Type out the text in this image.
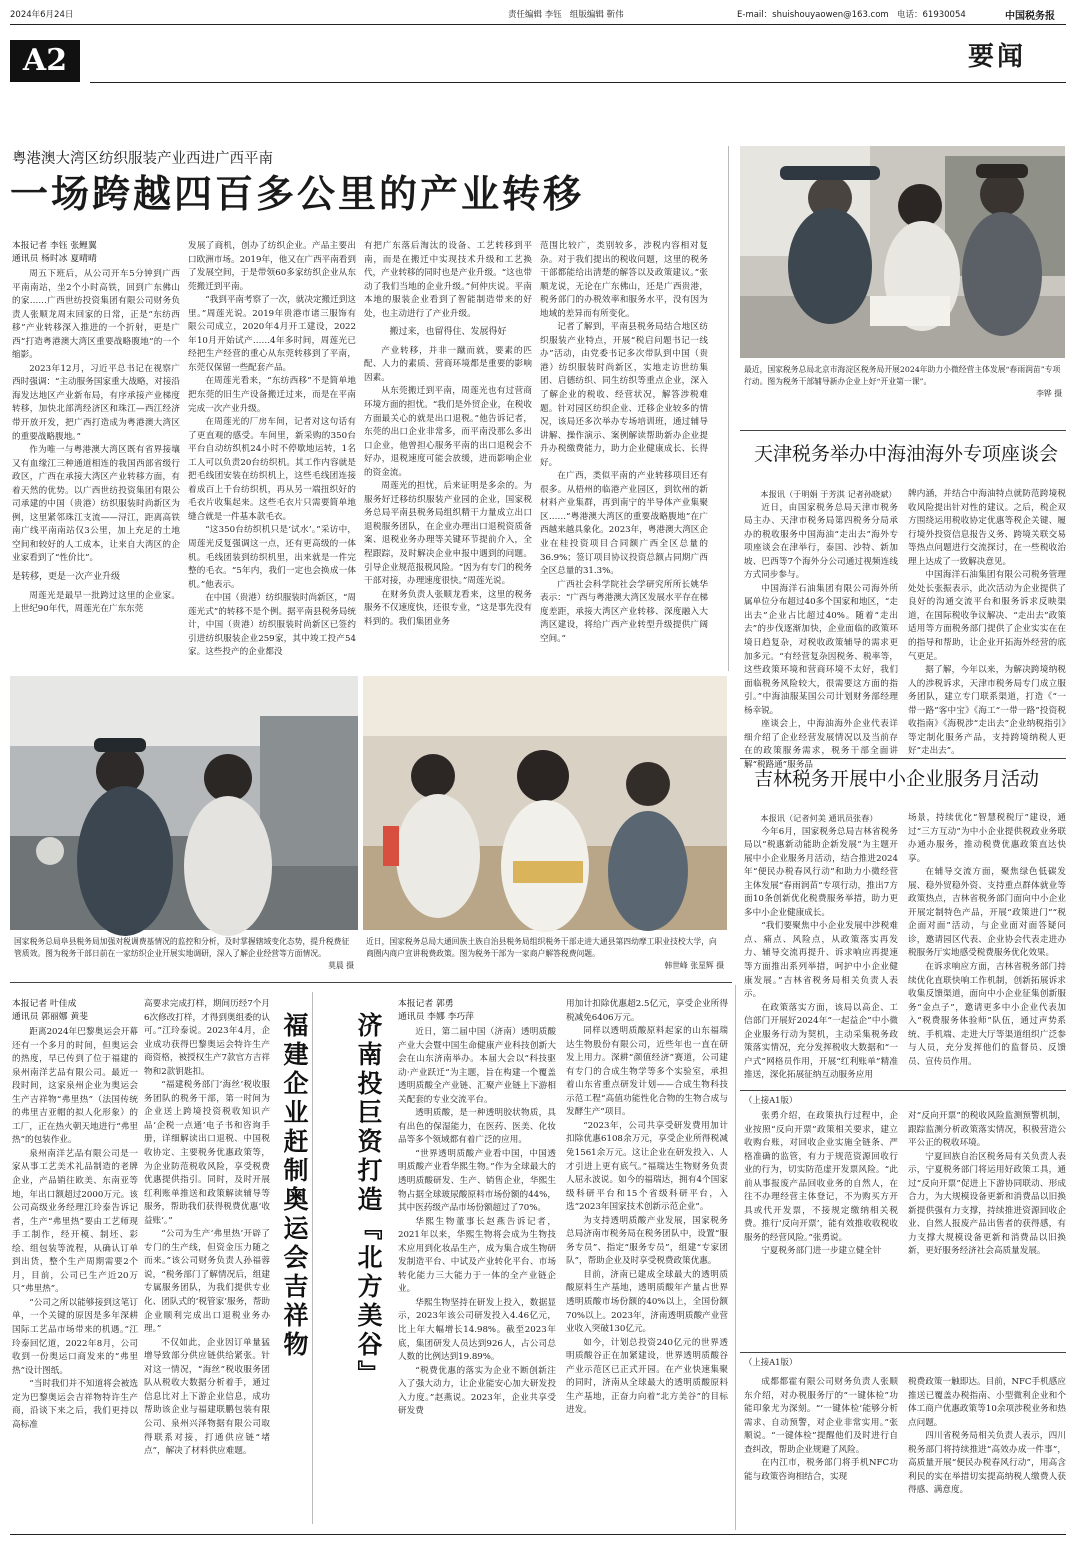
2024年6月24日	责任编辑 李钰 组版编辑 靳伟	E-mail：shuishouyaowen@163.com 电话：61930054	中国税务报
A2	要闻
粤港澳大湾区纺织服装产业西进广西平南
一场跨越四百多公里的产业转移
本报记者 李钰 张鲤翼
通讯员 杨时冰 夏晴晴

周五下班后，从公司开车5分钟到广西平南南站，坐2个小时高铁，回到广东佛山的家……广西世纺投资集团有限公司财务负责人张顺龙周末回家的日常，正是“东纺西移”产业转移深入推进的一个折射，更是广西“打造粤港澳大湾区重要战略腹地”的一个缩影。

2023年12月，习近平总书记在视察广西时强调：“主动服务国家重大战略，对接沿海发达地区产业新布局，有序承接产业梯度转移，加快北部湾经济区和珠江—西江经济带开放开发，把广西打造成为粤港澳大湾区的重要战略腹地。”

作为唯一与粤港澳大湾区既有省界接壤又有血缘江三种通道相连的我国西部省级行政区，广西在承接大湾区产业转移方面，有着天然的优势。以广西世纺投资集团有限公司承建的中国（贵港）纺织服装时尚新区为例，这里紧邻珠江支流——浔江，距离高铁南广线平南南站仅3公里，加上充足的土地空间和较好的人工成本，让来自大湾区的企业家看到了“性价比”。

是转移，更是一次产业升级

周莲光是最早一批跨过这里的企业家。上世纪90年代，周莲光在广东东莞

发展了商机，创办了纺织企业。产品主要出口欧洲市场。2019年，他又在广西平南看到了发展空间，于是带领60多家纺织企业从东莞搬迁到平南。

“我到平南考察了一次，就决定搬迁到这里。”周莲光说。2019年贵港市诸三服饰有限公司成立，2020年4月开工建设，2022年10月开始试产……4年多时间，周莲光已经把生产经营的重心从东莞转移到了平南，东莞仅保留一些配套产品。

在周莲光看来，“东纺西移”不是简单地把东莞的旧生产设备搬迁过来，而是在平南完成一次产业升级。

在周莲光的厂房车间，记者对这句话有了更直观的感受。车间里，新采购的350台平台自动纺织机24小时不停歇地运转，1名工人可以负责20台纺织机。其工作内容就是把毛线团安装在纺织机上，这些毛线团连接着成百上千台纺织机，再从另一端扭织好的毛衣片收集起来。这些毛衣片只需要简单地缝合就是一件基本款毛衣。

“这350台纺织机只是‘试水’。”采访中，周莲光反复强调这一点，还有更高级的一体机。毛线团装到纺织机里，出来就是一件完整的毛衣。“5年内，我们一定也会换成一体机。”他表示。

在中国（贵港）纺织服装时尚新区，“周莲光式”的转移不是个例。据平南县税务局统计，中国（贵港）纺织服装时尚新区已签约引进纺织服装企业259家，其中竣工投产54家。这些投产的企业都没

有把广东落后淘汰的设备、工艺转移到平南，而是在搬迁中实现技术升级和工艺换代，产业转移的同时也是产业升级。“这也带动了我们当地的企业升级。”何仲庆说。平南本地的服装企业看到了智能制造带来的好处，也主动进行了产业升级。

搬过来，也留得住、发展得好

产业转移，并非一蹴而就，要素的匹配、人力的素质、营商环境都是重要的影响因素。

从东莞搬迁到平南，周莲光也有过营商环境方面的担忧。“我们是外贸企业，在税收方面最关心的就是出口退税。”他告诉记者，东莞的出口企业非常多，而平南没那么多出口企业，他曾担心服务平南的出口退税会不好办，退税速度可能会放缓，进而影响企业的资金流。

周莲光的担忧，后来证明是多余的。为服务好迁移纺织服装产业园的企业，国家税务总局平南县税务局组织精干力量成立出口退税服务团队，在企业办理出口退税资质备案、退税业务办理等关键环节提前介入，全程跟踪，及时解决企业申报中遇到的问题。引导企业规范报税风险。“因为有专门的税务干部对接，办理速度很快。”周莲光说。

在财务负责人张顺龙看来，这里的税务服务不仅速度快，还很专业，“这是事先没有料到的。我们集团业务

范围比较广，类别较多，涉税内容相对复杂。对于我们提出的税收问题，这里的税务干部都能给出清楚的解答以及政策建议。”张顺龙说，无论在广东佛山，还是广西贵港，税务部门的办税效率和服务水平，没有因为地域的差异而有所变化。

记者了解到，平南县税务局结合地区纺织服装产业特点，开展“税启问题书记一线办”活动，由党委书记多次带队到中国（贵港）纺织服装时尚新区，实地走访世纺集团、启德纺织、同生纺织等重点企业，深入了解企业的税收、经营状况，解答涉税难题。针对园区纺织企业、迁移企业较多的情况，该局还多次举办专场培训班，通过辅导讲解、操作演示、案例解读帮助新办企业提升办税缴费能力，助力企业健康成长、长得好。

在广西，类似平南的产业转移项目还有很多。从梧州的临港产业园区，到钦州的新材料产业集群，再到南宁的半导体产业集聚区……“粤港澳大湾区的重要战略腹地”在广西越来越具象化。2023年，粤港澳大湾区企业在桂投资项目合同额广西全区总量的36.9%；签订项目协议投资总额占同期广西全区总量的31.3%。

广西社会科学院社会学研究所所长姚华表示：“广西与粤港澳大湾区发展水平存在梯度差距，承接大湾区产业转移、深度融入大湾区建设，将给广西产业转型升级提供广阔空间。”

最近，国家税务总局北京市海淀区税务局开展2024年助力小微经营主体发展“春雨润苗”专项行动。图为税务干部辅导新办企业上好“开业第一课”。
李铧 摄
天津税务举办中海油海外专项座谈会

本报讯（于明娟 于芳淇 记者孙晓斌）

近日，由国家税务总局天津市税务局主办、天津市税务局第四税务分局承办的税收服务中国海油“走出去”海外专项座谈会在津举行，泰国、沙特、新加坡、巴西等7个海外分公司通过视频连线方式同步参与。

中国海洋石油集团有限公司海外所属单位分布超过40多个国家和地区，“走出去”企业占比超过40%。随着“走出去”的步伐逐渐加快，企业面临的政策环境日趋复杂，对税收政策辅导的需求更加多元。“有经营复杂因税务、税率等，这些政策环境和营商环境不太好，我们面临税务风险较大，很需要这方面的指引。”中海油服某国公司计划财务部经理杨幸锐。

座谈会上，中海油海外企业代表详细介绍了企业经营发展情况以及当前存在的政策服务需求，税务干部全面讲解“税路通”服务品

牌内涵，并结合中海油特点就防范跨境税收风险提出针对性的建议。之后，税企双方围绕运用税收协定优惠等税企关键、履行境外投资信息报告义务、跨境关联交易等热点问题进行交流探讨，在一些税收治理上达成了一致解决意见。

中国海洋石油集团有限公司税务管理处处长张振表示，此次活动为企业提供了良好的沟通交流平台和服务诉求反映渠道，在国际税收争议解决、“走出去”政策适用等方面税务部门提供了企业实实在在的指导和帮助，让企业开拓海外经营的底气更足。

据了解，今年以来，为解决跨境纳税人的涉税诉求，天津市税务局专门成立服务团队，建立专门联系渠道，打造《“一带一路”客中宝》《海工“一带一路”投资税收指南》《海税涉“走出去”企业纳税指引》等定制化服务产品，支持跨境纳税人更好“走出去”。

国家税务总局阜县税务局加强对税调费基情况的监控和分析，及时掌握辖域变化态势，提升税费征管质效。图为税务干部日前在一家纺织企业开展实地调研，深入了解企业经营等方面情况。
莫晨 摄
近日，国家税务总局大通回族土族自治县税务局组织税务干部走进大通县第四幼摩工职业技校大学，向商圈内商户宣讲税费政策。图为税务干部为一家商户解答税费问题。
韩世峰 张星辉 摄
吉林税务开展中小企业服务月活动

本报讯（记者何美 通讯员张春）

今年6月，国家税务总局吉林省税务局以“税惠新动能助企新发展”为主题开展中小企业服务月活动，结合推进2024年“便民办税春风行动”和助力小微经营主体发展“春雨润苗”专项行动，推出7方面10条创新优化税费服务举措，助力更多中小企业健康成长。

“我们要聚焦中小企业发展中涉税难点、痛点、风险点，从政策落实再发力、辅导交流再提升、诉求响应再提速等方面推出系列举措，呵护中小企业健康发展。”吉林省税务局相关负责人表示。

在政策落实方面，该局以高企、工信部门开展好2024年“一起益企”中小微企业服务行动为契机，主动采集税务政策落实情况，充分发挥税收大数据和“一户式”网格员作用，开展“红利账单”精准推送，深化拓展征纳互动服务应用

场景，持续优化“智慧税税厅”建设，通过“三方互动”为中小企业提供税政业务联办通办服务，推动税费优惠政策直达快享。

在辅导交流方面，聚焦绿色低碳发展、稳外贸稳外资、支持重点群体就业等政策热点，吉林省税务部门面向中小企业开展定制特色产品，开展“政策进门”“税企面对面”活动，与企业面对面答疑问诊，邀请园区代表、企业协会代表走进办税服务厅实地感受税费服务优化效果。

在诉求响应方面，吉林省税务部门持续优化直联快响工作机制，创新拓展诉求收集反馈渠道，面向中小企业征集创新服务“金点子”，邀请更多中小企业代表加入“税费服务体验师”队伍，通过声势系统、手机端、走进大厅等渠道组织广泛参与人员，充分发挥他们的监督员、反馈员、宣传员作用。

本报记者 叶佳成
通讯员 郭丽娜 黄斐

距离2024年巴黎奥运会开幕还有一个多月的时间，但奥运会的热度，早已传到了位于福建的泉州南洋艺品有限公司。最近一段时间，这家泉州企业为奥运会生产吉祥物“弗里热”（法国传统的弗里吉亚帽的拟人化形象）的工厂，正在热火朝天地进行“弗里热”的包装作业。

泉州南洋艺品有限公司是一家从事工艺美术礼品制造的老牌企业，产品销往欧美、东南亚等地，年出口额超过2000万元。该公司高级业务经理江玲泰告诉记者，生产“弗里热”要由工艺师现手工制作，经开模、制坯、彩绘、组包装等流程，从确认订单到出货，整个生产周期需要2个月，目前，公司已生产近20万只“弗里热”。

“公司之所以能够接到这笔订单，一个关键的原因是多年深耕国际工艺品市场带来的机遇。”江玲泰回忆道，2022年8月，公司收到一份奥运口商发来的“弗里热”设计图纸。

“当时我们并不知道将会被选定为巴黎奥运会吉祥物特许生产商，沿谈下来之后，我们更持以高标准

高要求完成打样，期间历经7个月6次修改打样，才得到奥组委的认可。”江玲泰说。2023年4月，企业成功获得巴黎奥运会特许生产商资格，被授权生产7款官方吉祥物和2款钥匙扣。

“福建税务部门‘海丝’税收服务团队的税务干部，第一时间为企业送上跨境投资税收知识产品‘企税一点通’电子书和咨询手册，详细解读出口退税、中国税收协定、主要税务优惠政策等，为企业防范税收风险，享受税费优惠提供指引。同时，及时开展红利账单推送和政策解读辅导等服务，帮助我们获得税费优惠‘收益账’。”

“公司为生产‘弗里热’开辟了专门的生产线，但资金压力随之而来。”该公司财务负责人孙福蓉说，“税务部门了解情况后，组建专属服务团队，为我们提供专业化、团队式的‘税管家’服务，帮助企业顺利完成出口退税业务办理。”

不仅如此，企业因订单量猛增导致部分供应链供给紧张。针对这一情况，“海丝”税收服务团队从税收大数据分析着手，通过信息比对上下游企业信息，成功帮助该企业与福建联鹏包装有限公司、泉州兴泽物据有限公司取得联系对接，打通供应链“堵点”，解决了材料供应难题。

福建企业赶制奥运会吉祥物 济南投巨资打造『北方美谷』
本报记者 郭勇
通讯员 李娜 李巧萍

近日，第二届中国（济南）透明质酸产业大会暨中国生命健康产业科技创新大会在山东济南举办。本届大会以“科技驱动·产业跃迁”为主题，旨在构建一个覆盖透明质酸全产业链、汇聚产业链上下游相关配套的专业交流平台。

透明质酸，是一种透明胶状物质，具有出色的保湿能力，在医药、医美、化妆品等多个领域都有着广泛的应用。

“世界透明质酸产业看中国，中国透明质酸产业看华熙生物。”作为全球最大的透明质酸研发、生产、销售企业，华熙生物占据全球玻尿酸原料市场份额的44%，其中医药级产品市场份额超过了70%。

华熙生物董事长赵燕告诉记者，2021年以来，华熙生物将会成为生物技术应用到化妆品生产，成为集合成生物研发制造平台、中试及产业转化平台、市场转化能力三大能力于一体的全产业链企业。

华熙生物坚持在研发上投入，数据显示，2023年该公司研发投入4.46亿元，比上年大幅增长14.98%。截至2023年底，集团研发人员达到926人，占公司总人数的比例达到19.89%。

“税费优惠的落实为企业不断创新注入了强大动力，让企业能安心加大研发投入力度。”赵燕说。2023年，企业共享受研发费

用加计扣除优惠超2.5亿元，享受企业所得税减免6406万元。

同样以透明质酸原料起家的山东福瑞达生物股份有限公司，近些年也一直在研发上用力。深耕“颜值经济”赛道，公司建有专门的合成生物学等多个实验室，承担着山东省重点研发计划——合成生物科技示范工程“高值功能性化合物的生物合成与发酵生产”项目。

“2023年，公司共享受研发费用加计扣除优惠6108余万元，享受企业所得税减免1561余万元。这让企业在研发投入、人才引进上更有底气。”福瑞达生物财务负责人屈永波说。如今的福瑞达，拥有4个国家级科研平台和15个省级科研平台，入选“2023年国家技术创新示范企业”。

为支持透明质酸产业发展，国家税务总局济南市税务局在税务团队中，设置“服务专员”、指定“服务专员”，组建“专家团队”，帮助企业及时享受税费政策优惠。

目前，济南已建成全球最大的透明质酸原料生产基地，透明质酸年产量占世界透明质酸市场份额的40%以上，全国份额70%以上。2023年，济南透明质酸产业营业收入突破130亿元。

如今，计划总投资240亿元的世界透明质酸谷正在加紧建设，世界透明质酸谷产业示范区已正式开园。在产业快速集聚的同时，济南从全球最大的透明质酸原料生产基地，正奋力向着“北方美谷”的目标进发。

（上接A1版）

张勇介绍，在政策执行过程中，企业按照“反向开票”政策相关要求，建立收购台账，对回收企业实施全链条、严格准确的监管，有力于规范资源回收行业的行为，切实防范虚开发票风险。“此前从事报废产品回收业务的自然人，在往不办理经营主体登记，不为购买方开具或代开发票，不接规定缴纳相关税费。推行‘反向开票’，能有效推收收税收服务的经营风险。”张勇说。

宁夏税务部门进一步建立健全针

对“反向开票”的税收风险监测预警机制，跟踪监测分析政策落实情况，积极营造公平公正的税收环境。

宁夏回族自治区税务局有关负责人表示，宁夏税务部门将运用好政策工具，通过“反向开票”促进上下游协同联动、形成合力，为大规模设备更新和消费品以旧换新提供强有力支撑，持续推进资源回收企业、自然人报废产品出售者的获得感，有力支撑大规模设备更新和消费品以旧换新，更好服务经济社会高质量发展。

（上接A1版）

成都都霍有限公司财务负责人张顺东介绍，对办税服务厅的“一键体检”功能印象尤为深刻。“‘一键体检’能够分析需求、自动预警，对企业非常实用。”张顺说。“一键体检”提醒他们及时进行自查纠改，帮助企业规避了风险。

在内江市，税务部门将手机NFC功能与政策咨询相结合，实现

税费政策一触即达。目前，NFC手机感应推送已覆盖办税指南、小型微利企业和个体工商户优惠政策等10余项涉税业务和热点问题。

四川省税务局相关负责人表示，四川税务部门将持续推进“高效办成一件事”，高质量开展“便民办税春风行动”，用高含利民的实在举措切实提高纳税人缴费人获得感、满意度。
